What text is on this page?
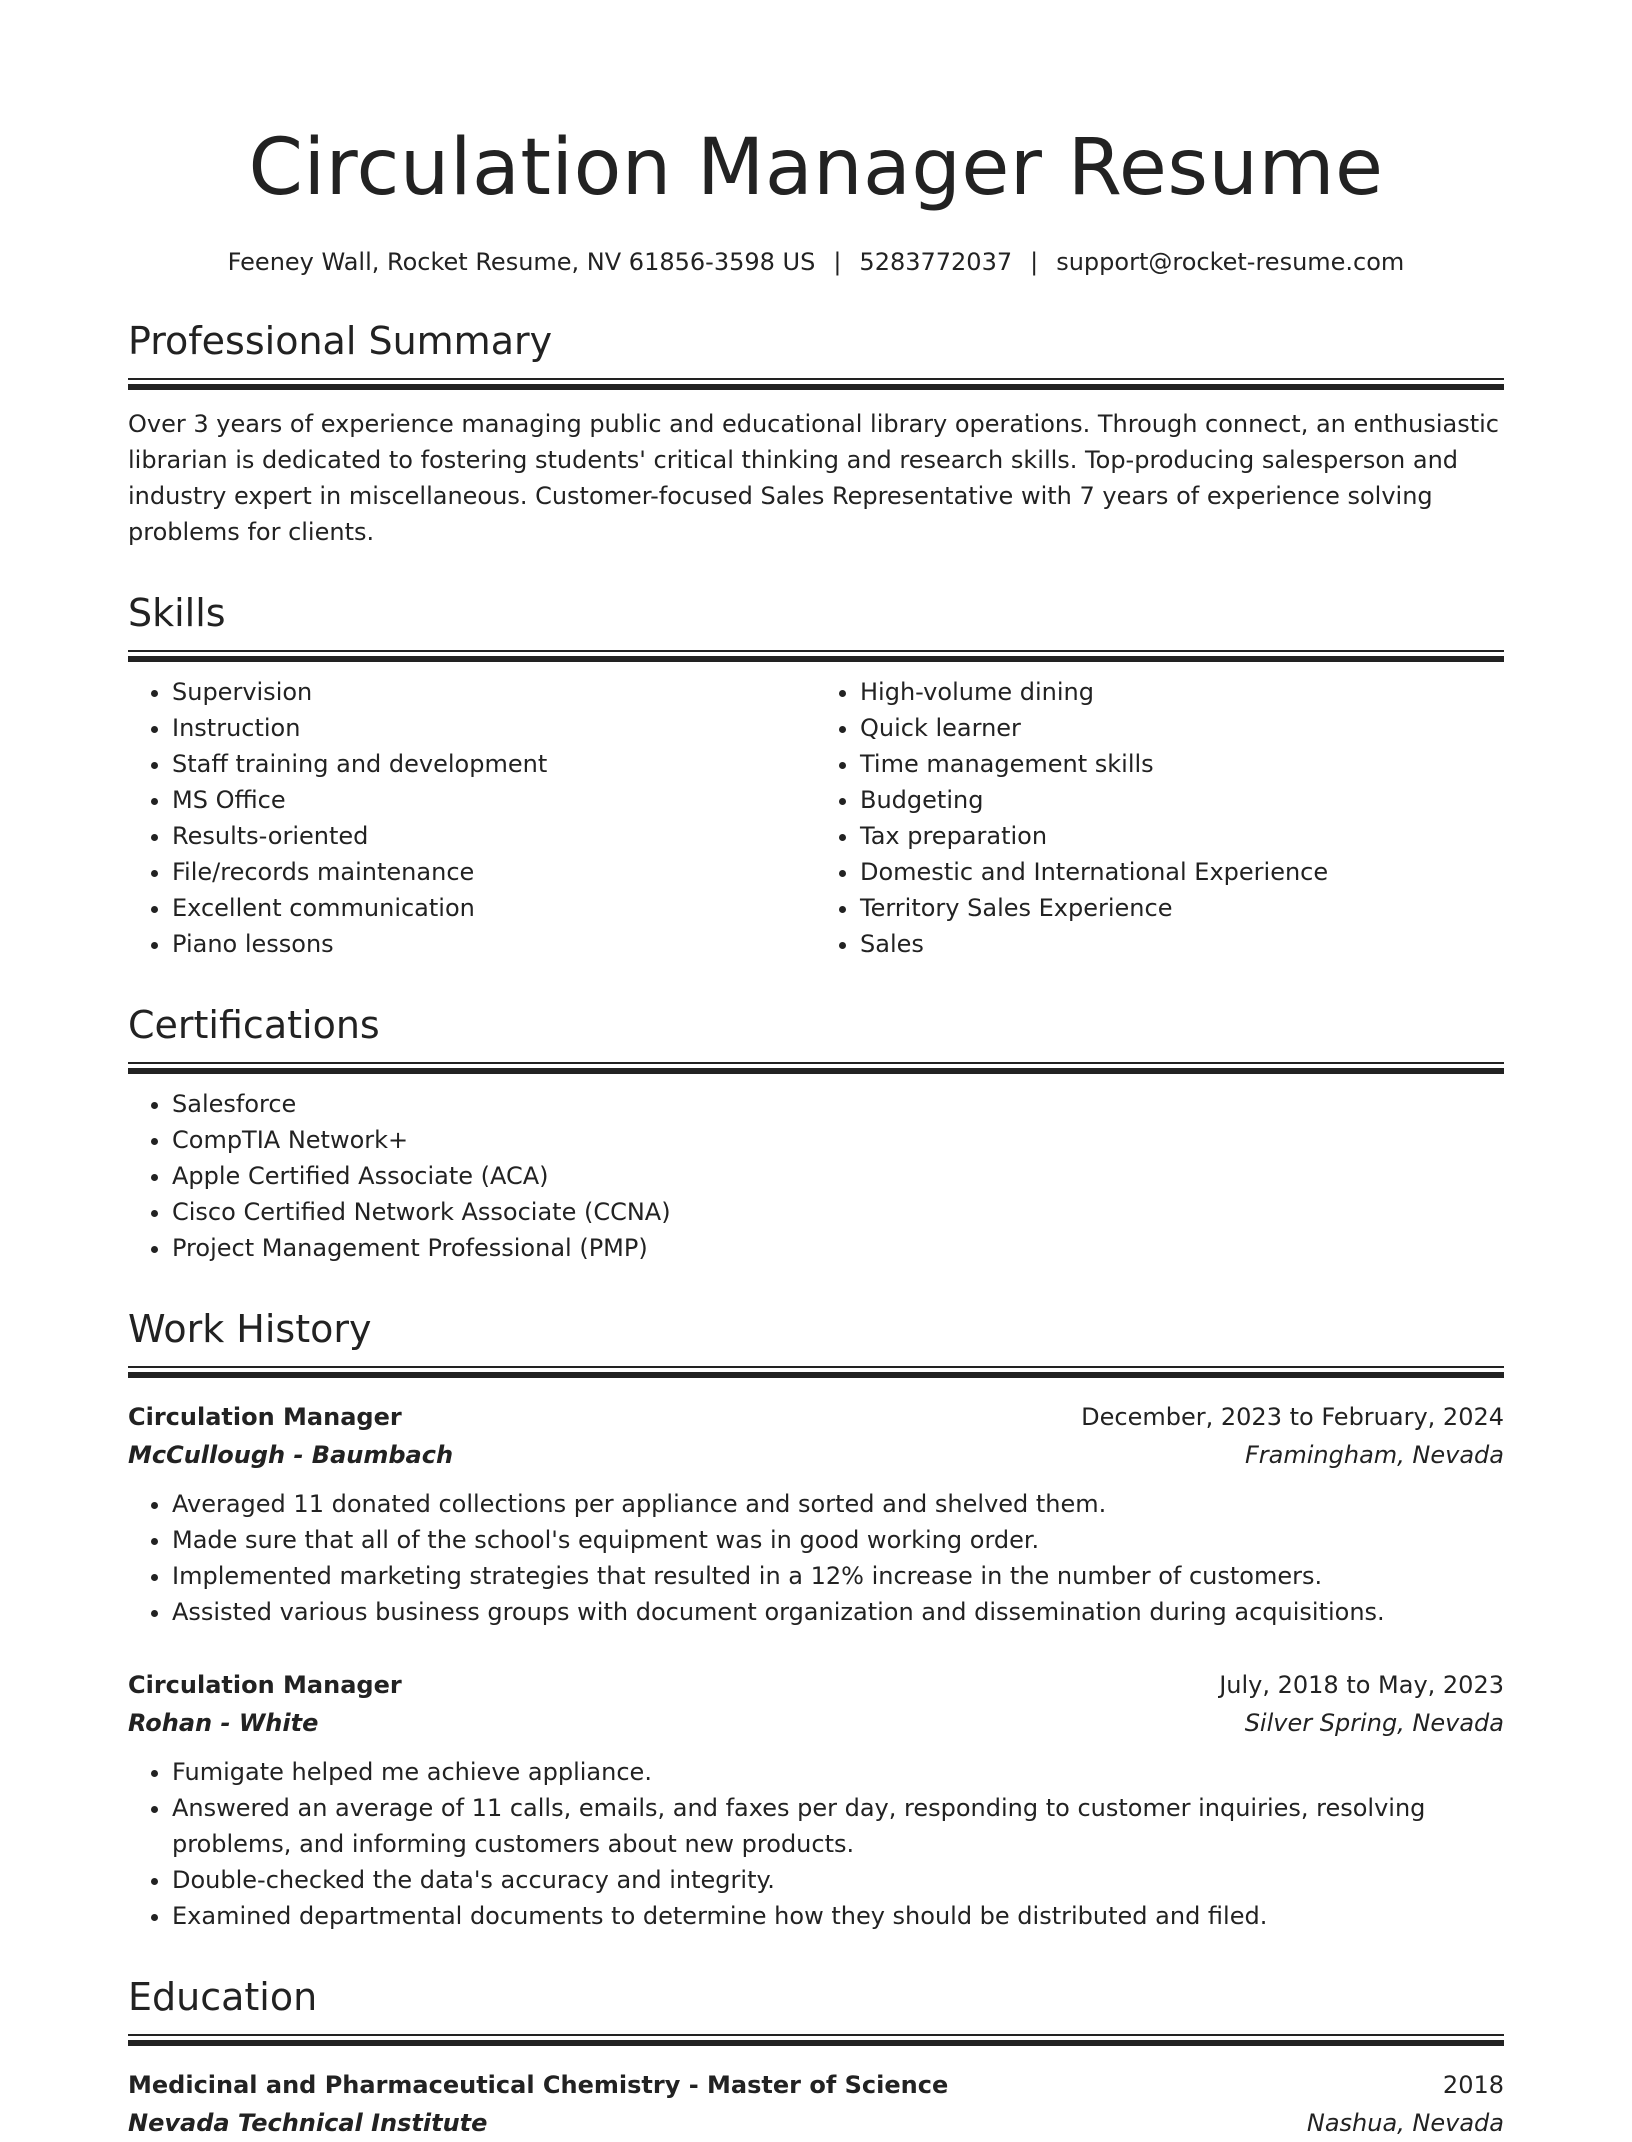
Circulation Manager Resume
Feeney Wall, Rocket Resume, NV 61856-3598 US | 5283772037 | support@rocket-resume.com
Professional Summary

Over 3 years of experience managing public and educational library operations. Through connect, an enthusiastic librarian is dedicated to fostering students' critical thinking and research skills. Top-producing salesperson and industry expert in miscellaneous. Customer-focused Sales Representative with 7 years of experience solving problems for clients.

Skills
• Supervision
• Instruction
• Staff training and development
• MS Office
• Results-oriented
• File/records maintenance
• Excellent communication
• Piano lessons
• High-volume dining
• Quick learner
• Time management skills
• Budgeting
• Tax preparation
• Domestic and International Experience
• Territory Sales Experience
• Sales
Certifications
• Salesforce
• CompTIA Network+
• Apple Certified Associate (ACA)
• Cisco Certified Network Associate (CCNA)
• Project Management Professional (PMP)
Work History
Circulation Manager	December, 2023 to February, 2024
McCullough - Baumbach	Framingham, Nevada
• Averaged 11 donated collections per appliance and sorted and shelved them.
• Made sure that all of the school's equipment was in good working order.
• Implemented marketing strategies that resulted in a 12% increase in the number of customers.
• Assisted various business groups with document organization and dissemination during acquisitions.
Circulation Manager	July, 2018 to May, 2023
Rohan - White	Silver Spring, Nevada
• Fumigate helped me achieve appliance.
• Answered an average of 11 calls, emails, and faxes per day, responding to customer inquiries, resolving problems, and informing customers about new products.
• Double-checked the data's accuracy and integrity.
• Examined departmental documents to determine how they should be distributed and filed.
Education
Medicinal and Pharmaceutical Chemistry - Master of Science	2018
Nevada Technical Institute	Nashua, Nevada
